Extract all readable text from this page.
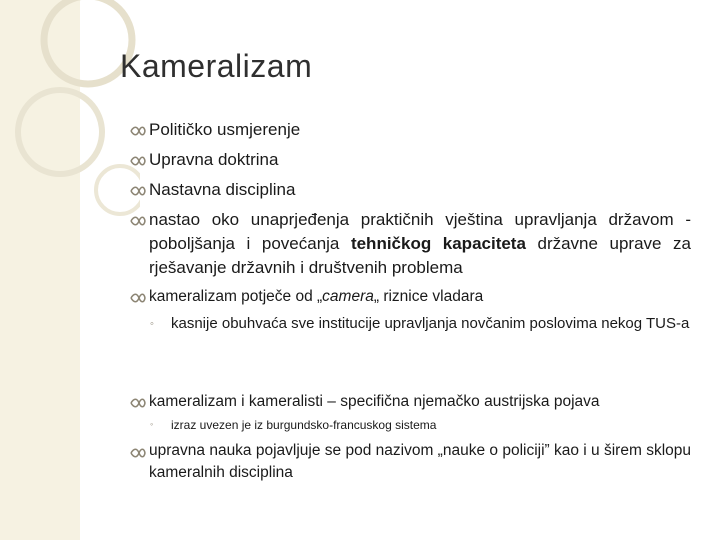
Kameralizam
Političko usmjerenje
Upravna doktrina
Nastavna disciplina
nastao oko unaprjeđenja praktičnih vještina upravljanja državom - poboljšanja i povećanja tehničkog kapaciteta državne uprave za rješavanje državnih i društvenih problema
kameralizam potječe od „camera„ riznice vladara
◦ kasnije obuhvaća sve institucije upravljanja novčanim poslovima nekog TUS-a
kameralizam i kameralisti – specifična njemačko austrijska pojava
◦ izraz uvezen je iz burgundsko-francuskog sistema
upravna nauka pojavljuje se pod nazivom „nauke o policiji” kao i u širem sklopu kameralnih disciplina
